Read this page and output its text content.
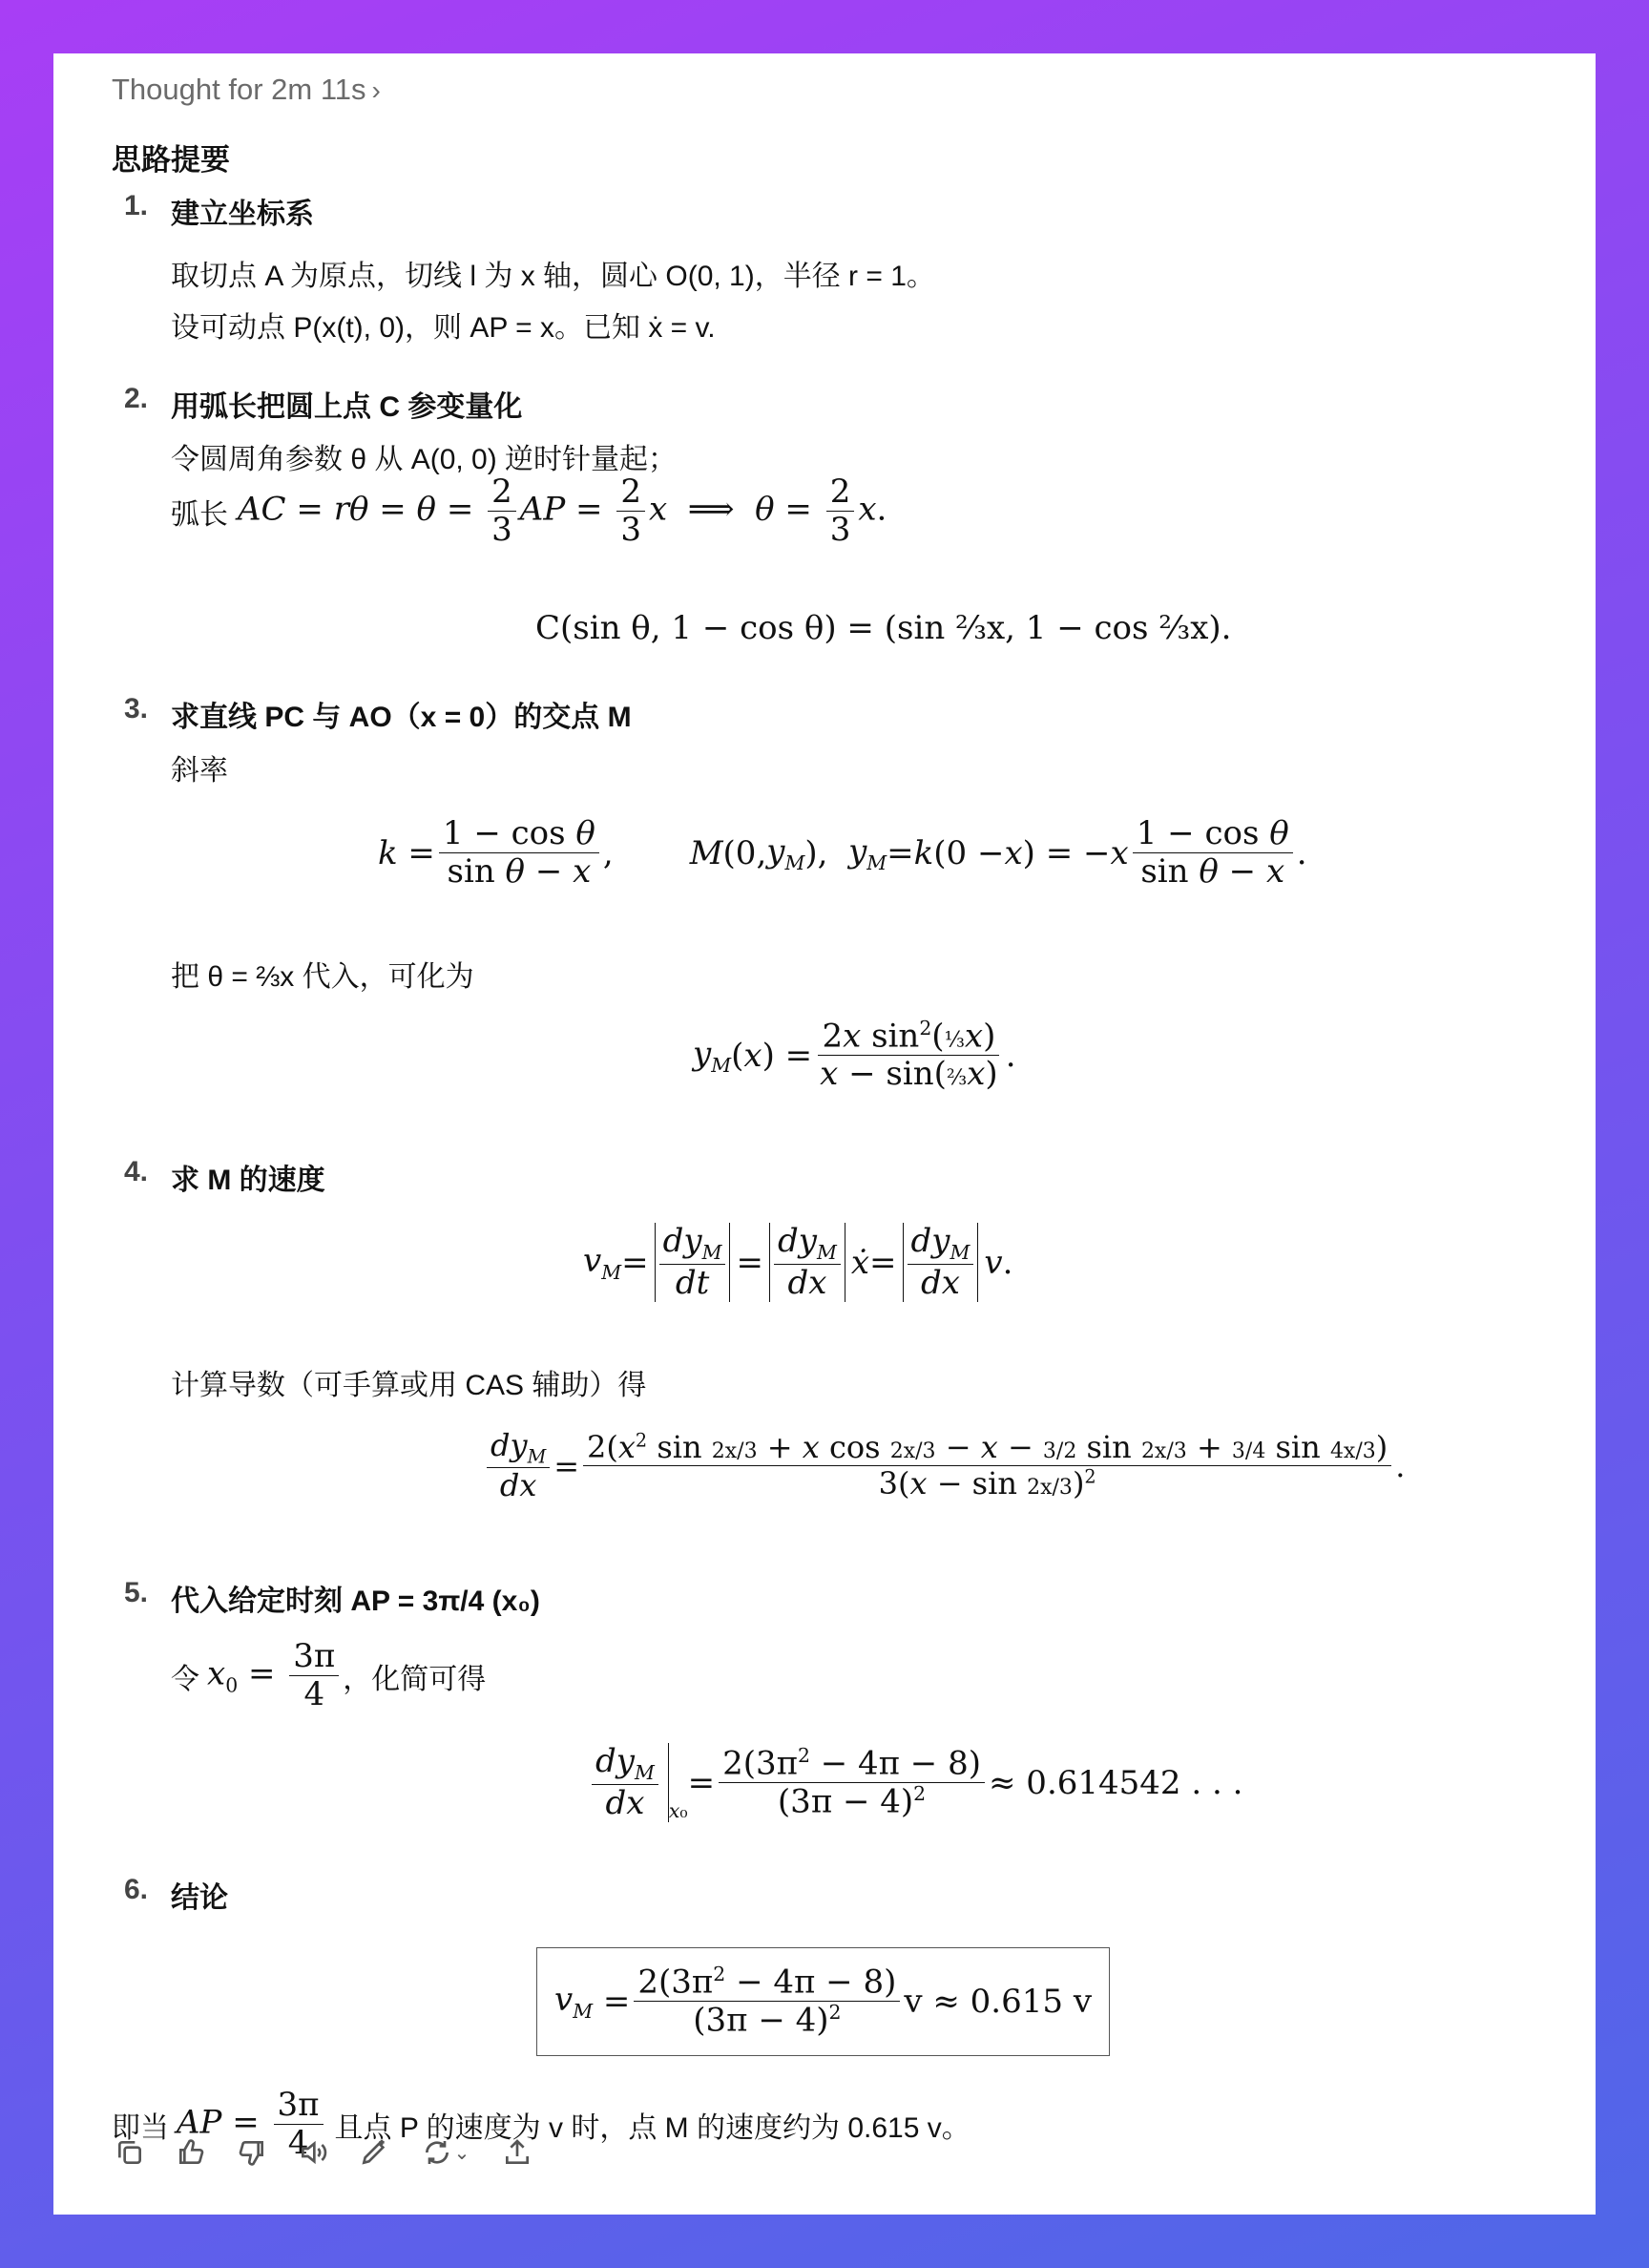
Thought for 2m 11s ›
思路提要
1. 建立坐标系
取切点 A 为原点，切线 l 为 x 轴，圆心 O(0, 1)，半径 r = 1。
设可动点 P(x(t), 0)，则 AP = x。已知 ẋ = v.
2. 用弧长把圆上点 C 参变量化
令圆周角参数 θ 从 A(0, 0) 逆时针量起；
弧长 AC = $r\theta = \theta = \frac{2}{3}$ AP = $\frac{2}{3}$ x  ⟹  $\theta = \frac{2}{3} x$.
C(sin θ, 1 − cos θ) = (sin ⅔x, 1 − cos ⅔x).
3. 求直线 PC 与 AO（x = 0）的交点 M
斜率
$k = \frac{\text{1 − cos θ}}{\text{sin θ − x}}$ , M (0, $y_M$ ), $y_M = k$ (0 − x ) = − x $\frac{\text{1 − cos θ}}{\text{sin θ − x}}$ .
把 θ = ⅔x 代入，可化为
$y_M$ ( x ) = $\frac{2x \sin^2(\frac{1}{3}x)}{\text{x − sin(⅔x)}}$ .
4. 求 M 的速度
$v_M = \frac{dy_M}{dt} = \frac{dy_M}{dx}$ ẋ = $\frac{dy_M}{dx}$ v .
计算导数（可手算或用 CAS 辅助）得
$\frac{dy_M}{dx}$ =
$2(x^2$ sin 2x/3 + x cos 2x/3 − x − 3/2 sin 2x/3 + 3/4 sin 4x/3)
$3(x - \sin 2x/3)^2$	.
5. 代入给定时刻 AP = 3π/4 (x₀)
令 $x_0 = \frac{3\pi}{4}$ ，化简可得
$\frac{dy_M}{dx} _{x_0}$
= $\frac{2(3\pi^2 - 4\pi - 8)}{(3\pi - 4)^2} \approx 0.614542$ . . .
6. 结论
$v_M = \frac{2(3\pi^2 - 4\pi - 8)}{(3\pi - 4)^2}$ v ≈ 0.615 v
即当 AP = $\frac{3\pi}{4}$ 且点 P 的速度为 v 时，点 M 的速度约为 0.615 v。
⌄
